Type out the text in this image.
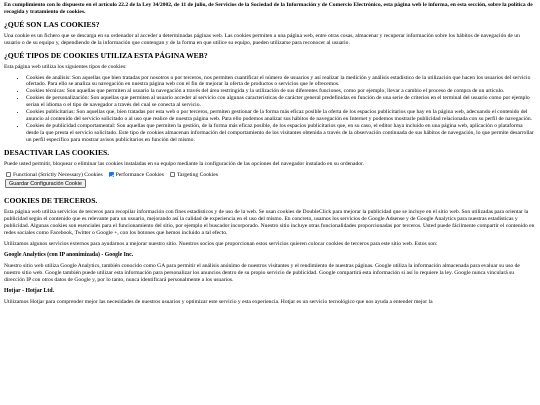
En cumplimiento con lo dispuesto en el artículo 22.2 de la Ley 34/2002, de 11 de julio, de Servicios de la Sociedad de la Información y de Comercio Electrónico, esta página web le informa, en esta sección, sobre la política de recogida y tratamiento de cookies.

¿QUÉ SON LAS COOKIES?

Una cookie es un fichero que se descarga en su ordenador al acceder a determinadas páginas web. Las cookies permiten a una página web, entre otras cosas, almacenar y recuperar información sobre los hábitos de navegación de un usuario o de su equipo y, dependiendo de la información que contengan y de la forma en que utilice su equipo, pueden utilizarse para reconocer al usuario.

¿QUÉ TIPOS DE COOKIES UTILIZA ESTA PÁGINA WEB?

Esta página web utiliza los siguientes tipos de cookies:

• Cookies de análisis: Son aquellas que bien tratadas por nosotros o por terceros, nos permiten cuantificar el número de usuarios y así realizar la medición y análisis estadístico de la utilización que hacen los usuarios del servicio ofertado. Para ello se analiza su navegación en nuestra página web con el fin de mejorar la oferta de productos o servicios que le ofrecemos.
• Cookies técnicas: Son aquellas que permiten al usuario la navegación a través del área restringida y la utilización de sus diferentes funciones, como por ejemplo, llevar a cambio el proceso de compra de un artículo.
• Cookies de personalización: Son aquellas que permiten al usuario acceder al servicio con algunas características de carácter general predefinidas en función de una serie de criterios en el terminal del usuario como por ejemplo serian el idioma o el tipo de navegador a través del cual se conecta al servicio.
• Cookies publicitarias: Son aquellas que, bien tratadas por esta web o por terceros, permiten gestionar de la forma más eficaz posible la oferta de los espacios publicitarios que hay en la página web, adecuando el contenido del anuncio al contenido del servicio solicitado o al uso que realice de nuestra página web. Para ello podemos analizar sus hábitos de navegación en Internet y podemos mostrarle publicidad relacionada con su perfil de navegación.
• Cookies de publicidad comportamental: Son aquellas que permiten la gestión, de la forma más eficaz posible, de los espacios publicitarios que, en su caso, el editor haya incluido en una página web, aplicación o plataforma desde la que presta el servicio solicitado. Este tipo de cookies almacenan información del comportamiento de los visitantes obtenida a través de la observación continuada de sus hábitos de navegación, lo que permite desarrollar un perfil específico para mostrar avisos publicitarios en función del mismo.
DESACTIVAR LAS COOKIES.

Puede usted permitir, bloquear o eliminar las cookies instaladas en su equipo mediante la configuración de las opciones del navegador instalado en su ordenador.

Functional (Strictly Necessary) Cookies Performance Cookies Targeting Cookies
Guardar Configuración Cookie
COOKIES DE TERCEROS.

Esta página web utiliza servicios de terceros para recopilar información con fines estadísticos y de uso de la web. Se usan cookies de DoubleClick para mejorar la publicidad que se incluye en el sitio web. Son utilizadas para orientar la publicidad según el contenido que es relevante para un usuario, mejorando así la calidad de experiencia en el uso del mismo. En concreto, usamos los servicios de Google Adsense y de Google Analytics para nuestras estadísticas y publicidad. Algunas cookies son esenciales para el funcionamiento del sitio, por ejemplo el buscador incorporado. Nuestro sitio incluye otras funcionalidades proporcionadas por terceros. Usted puede fácilmente compartir el contenido en redes sociales como Facebook, Twitter o Google +, con los botones que hemos incluido a tal efecto.

Utilizamos algunos servicios externos para ayudarnos a mejorar nuestro sitio. Nuestros socios que proporcionan estos servicios quieren colocar cookies de terceros para este sitio web. Estos son:

Google Analytics (con IP anonimizada) - Google Inc.

Nuestro sitio web utiliza Google Analytics, también conocido como GA para permitir el análisis anónimo de nuestros visitantes y el rendimiento de nuestras páginas. Google utiliza la información almacenada para evaluar su uso de nuestro sitio web. Google también puede utilizar esta información para personalizar los anuncios dentro de su propio servicio de publicidad. Google compartirá esta información si así lo requiere la ley. Google nunca vinculará su dirección IP con otros datos de Google y, por lo tanto, nunca identificará personalmente a los usuarios.

Hotjar - Hotjar Ltd.

Utilizamos Hotjar para comprender mejor las necesidades de nuestros usuarios y optimizar este servicio y esta experiencia. Hotjar es un servicio tecnológico que nos ayuda a entender mejor la
